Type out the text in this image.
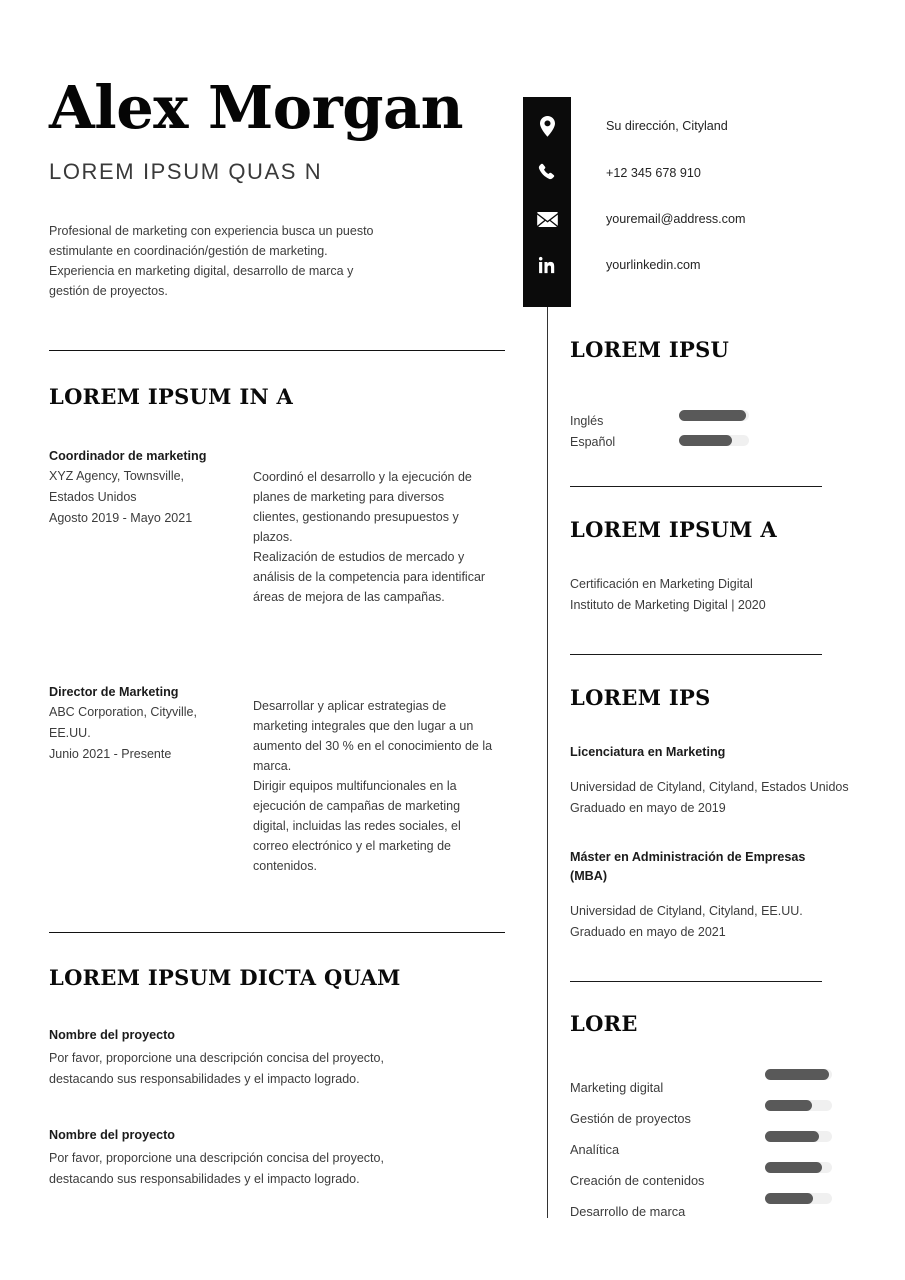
Alex Morgan
LOREM IPSUM QUAS N

Profesional de marketing con experiencia busca un puesto estimulante en coordinación/gestión de marketing. Experiencia en marketing digital, desarrollo de marca y gestión de proyectos.

LOREM IPSUM IN A

Coordinador de marketing

XYZ Agency, Townsville, Estados Unidos

Agosto 2019 - Mayo 2021

Coordinó el desarrollo y la ejecución de planes de marketing para diversos clientes, gestionando presupuestos y plazos.
Realización de estudios de mercado y análisis de la competencia para identificar áreas de mejora de las campañas.

Director de Marketing

ABC Corporation, Cityville, EE.UU.

Junio 2021 - Presente

Desarrollar y aplicar estrategias de marketing integrales que den lugar a un aumento del 30 % en el conocimiento de la marca.
Dirigir equipos multifuncionales en la ejecución de campañas de marketing digital, incluidas las redes sociales, el correo electrónico y el marketing de contenidos.

LOREM IPSUM DICTA QUAM

Nombre del proyecto

Por favor, proporcione una descripción concisa del proyecto, destacando sus responsabilidades y el impacto logrado.

Nombre del proyecto

Por favor, proporcione una descripción concisa del proyecto, destacando sus responsabilidades y el impacto logrado.

Su dirección, Cityland
+12 345 678 910
youremail@address.com
yourlinkedin.com
LOREM IPSU
Inglés
Español
LOREM IPSUM A

Certificación en Marketing Digital

Instituto de Marketing Digital | 2020

LOREM IPS

Licenciatura en Marketing

Universidad de Cityland, Cityland, Estados Unidos

Graduado en mayo de 2019

Máster en Administración de Empresas (MBA)

Universidad de Cityland, Cityland, EE.UU.

Graduado en mayo de 2021

LORE
Marketing digital
Gestión de proyectos
Analítica
Creación de contenidos
Desarrollo de marca
